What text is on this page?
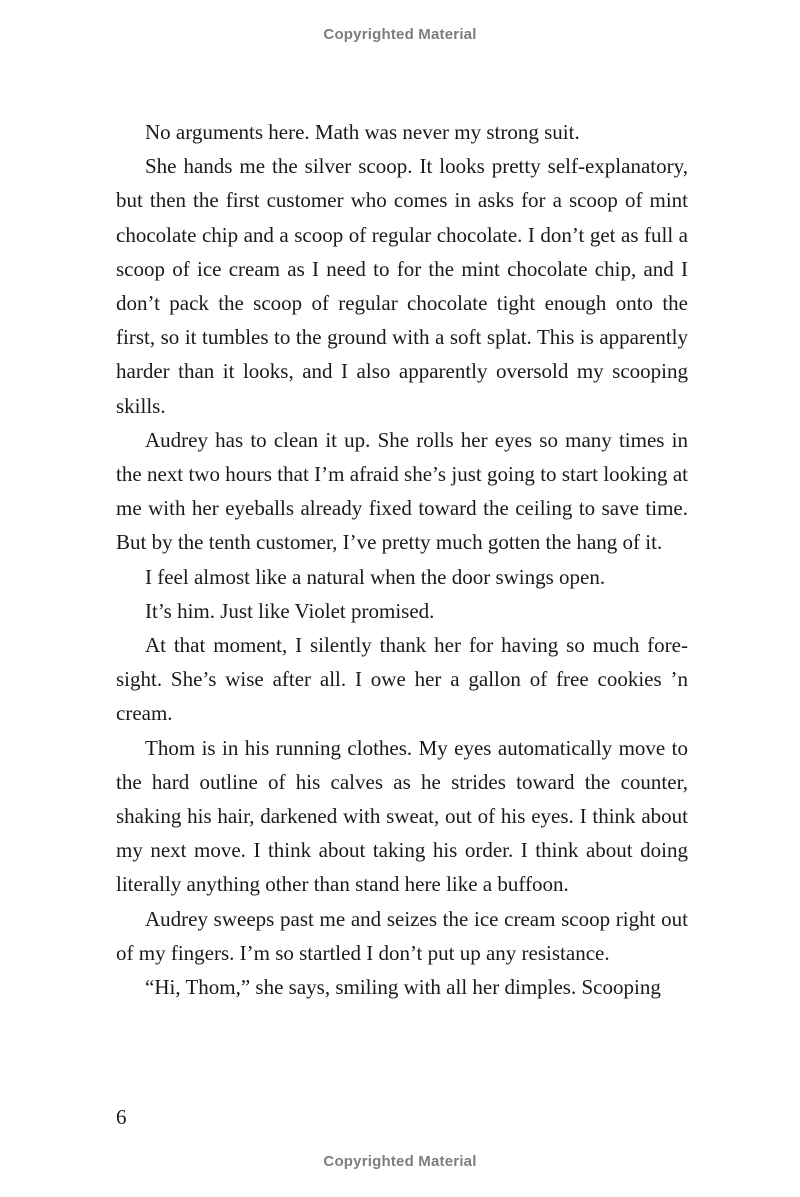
Copyrighted Material

No arguments here. Math was never my strong suit.

She hands me the silver scoop. It looks pretty self-explanatory, but then the first customer who comes in asks for a scoop of mint chocolate chip and a scoop of regular chocolate. I don’t get as full a scoop of ice cream as I need to for the mint chocolate chip, and I don’t pack the scoop of regular chocolate tight enough onto the first, so it tumbles to the ground with a soft splat. This is apparently harder than it looks, and I also apparently oversold my scooping skills.

Audrey has to clean it up. She rolls her eyes so many times in the next two hours that I’m afraid she’s just going to start looking at me with her eyeballs already fixed toward the ceiling to save time. But by the tenth customer, I’ve pretty much gotten the hang of it.

I feel almost like a natural when the door swings open.

It’s him. Just like Violet promised.

At that moment, I silently thank her for having so much foresight. She’s wise after all. I owe her a gallon of free cookies ’n cream.

Thom is in his running clothes. My eyes automatically move to the hard outline of his calves as he strides toward the counter, shaking his hair, darkened with sweat, out of his eyes. I think about my next move. I think about taking his order. I think about doing literally anything other than stand here like a buffoon.

Audrey sweeps past me and seizes the ice cream scoop right out of my fingers. I’m so startled I don’t put up any resistance.

“Hi, Thom,” she says, smiling with all her dimples. Scooping

6
Copyrighted Material
